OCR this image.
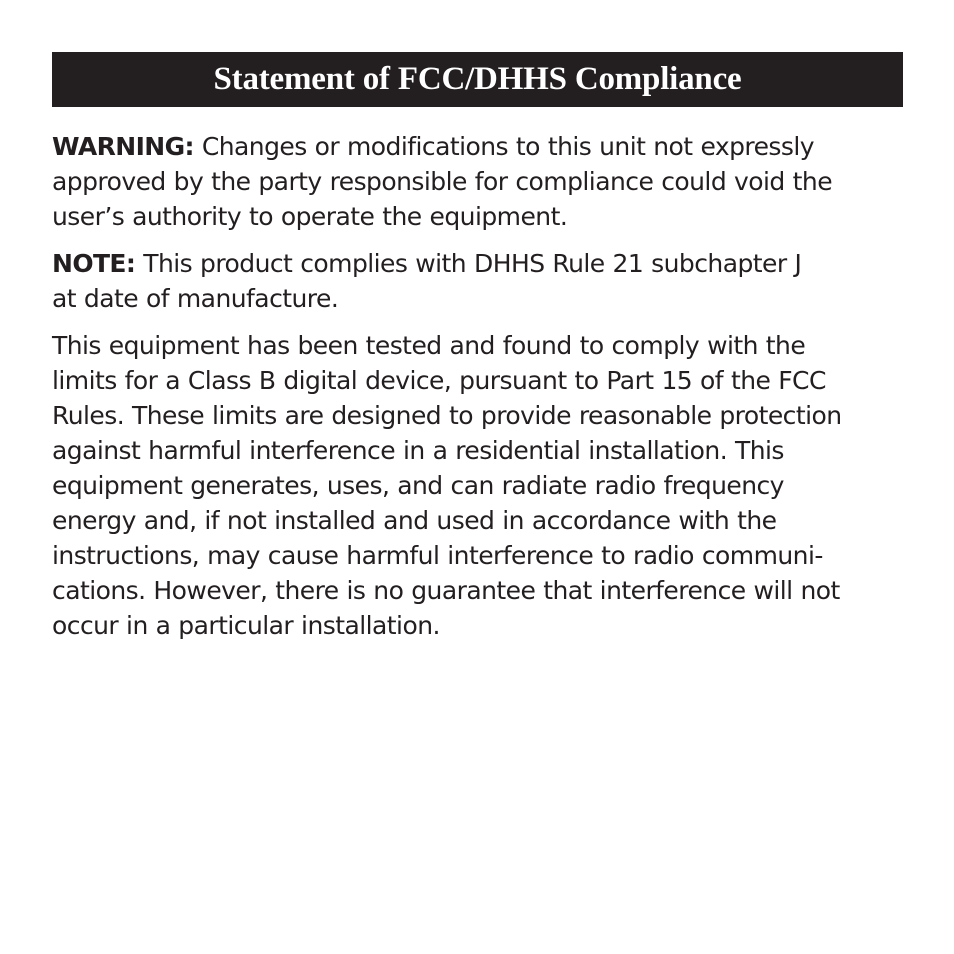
Statement of FCC/DHHS Compliance

WARNING: Changes or modifications to this unit not expressly
approved by the party responsible for compliance could void the
user’s authority to operate the equipment.

NOTE: This product complies with DHHS Rule 21 subchapter J
at date of manufacture.

This equipment has been tested and found to comply with the
limits for a Class B digital device, pursuant to Part 15 of the FCC
Rules. These limits are designed to provide reasonable protection
against harmful interference in a residential installation. This
equipment generates, uses, and can radiate radio frequency
energy and, if not installed and used in accordance with the
instructions, may cause harmful interference to radio communi-
cations. However, there is no guarantee that interference will not
occur in a particular installation.
